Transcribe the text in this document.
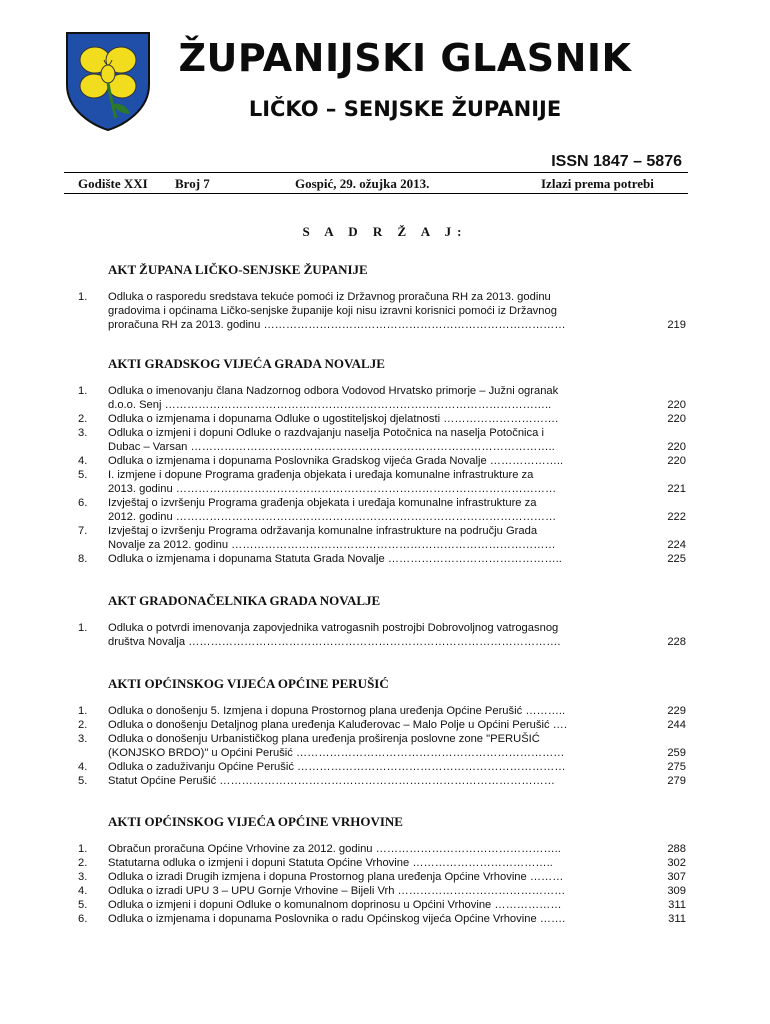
ŽUPANIJSKI GLASNIK
LIČKO – SENJSKE ŽUPANIJE
ISSN 1847 – 5876
Godište XXI Broj 7	Gospić, 29. ožujka 2013.	Izlazi prema potrebi
S A D R Ž A J:
AKT ŽUPANA LIČKO-SENJSKE ŽUPANIJE
1. Odluka o rasporedu sredstava tekuće pomoći iz Državnog proračuna RH za 2013. godinu
gradovima i općinama Ličko-senjske županije koji nisu izravni korisnici pomoći iz Državnog
proračuna RH za 2013. godinu ………………………………………………………………………	219
AKTI GRADSKOG VIJEĆA GRADA NOVALJE
1. Odluka o imenovanju člana Nadzornog odbora Vodovod Hrvatsko primorje – Južni ogranak
d.o.o. Senj …………………………………………………………………………………………..	220
2. Odluka o izmjenama i dopunama Odluke o ugostiteljskoj djelatnosti ………………………….	220
3. Odluka o izmjeni i dopuni Odluke o razdvajanju naselja Potočnica na naselja Potočnica i
Dubac – Varsan ……………………………………………………………………………………..	220
4. Odluka o izmjenama i dopunama Poslovnika Gradskog vijeća Grada Novalje ………………..	220
5. I. izmjene i dopune Programa građenja objekata i uređaja komunalne infrastrukture za
2013. godinu …………………………………………………………………………………………	221
6. Izvještaj o izvršenju Programa građenja objekata i uređaja komunalne infrastrukture za
2012. godinu …………………………………………………………………………………………	222
7. Izvještaj o izvršenju Programa održavanja komunalne infrastrukture na području Grada
Novalje za 2012. godinu ……………………………………………………………………………	224
8. Odluka o izmjenama i dopunama Statuta Grada Novalje ………………………………………..	225
AKT GRADONAČELNIKA GRADA NOVALJE
1. Odluka o potvrdi imenovanja zapovjednika vatrogasnih postrojbi Dobrovoljnog vatrogasnog
društva Novalja ……………………………………………………………………………………….	228
AKTI OPĆINSKOG VIJEĆA OPĆINE PERUŠIĆ
1. Odluka o donošenju 5. Izmjena i dopuna Prostornog plana uređenja Općine Perušić ………..	229
2. Odluka o donošenju Detaljnog plana uređenja Kaluđerovac – Malo Polje u Općini Perušić ….	244
3. Odluka o donošenju Urbanističkog plana uređenja proširenja poslovne zone "PERUŠIĆ
(KONJSKO BRDO)" u Općini Perušić ………………………………………………………………	259
4. Odluka o zaduživanju Općine Perušić ………………………………………………………………	275
5. Statut Općine Perušić ………………………………………………………………………………	279
AKTI OPĆINSKOG VIJEĆA OPĆINE VRHOVINE
1. Obračun proračuna Općine Vrhovine za 2012. godinu …………………………………………..	288
2. Statutarna odluka o izmjeni i dopuni Statuta Općine Vrhovine ………………………………..	302
3. Odluka o izradi Drugih izmjena i dopuna Prostornog plana uređenja Općine Vrhovine ………	307
4. Odluka o izradi UPU 3 – UPU Gornje Vrhovine – Bijeli Vrh ………………………………………	309
5. Odluka o izmjeni i dopuni Odluke o komunalnom doprinosu u Općini Vrhovine ………………	311
6. Odluka o izmjenama i dopunama Poslovnika o radu Općinskog vijeća Općine Vrhovine …….	311
